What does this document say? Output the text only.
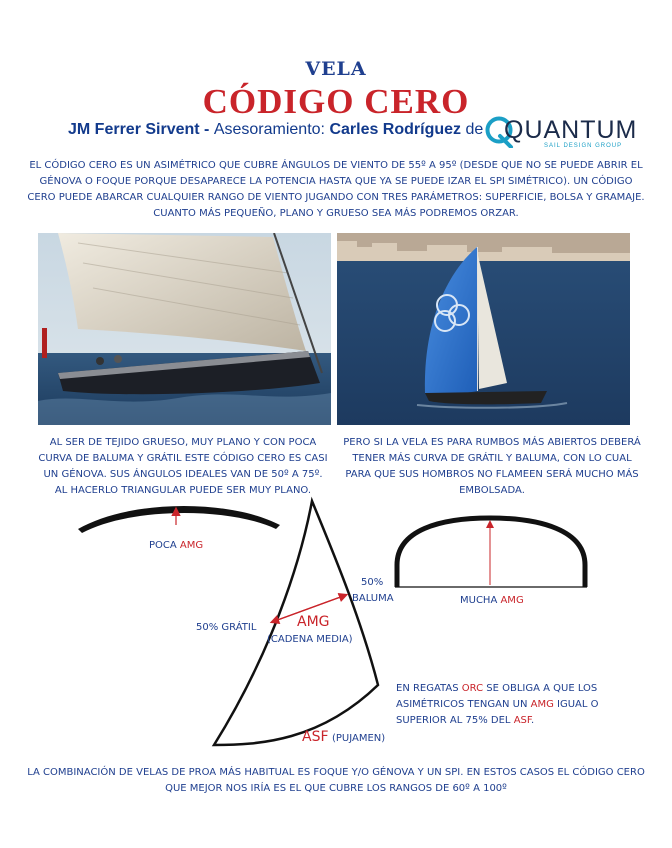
VELA
CÓDIGO CERO
JM Ferrer Sirvent - Asesoramiento: Carles Rodríguez de QUANTUM
SAIL DESIGN GROUP
EL CÓDIGO CERO ES UN ASIMÉTRICO QUE CUBRE ÁNGULOS DE VIENTO DE 55º A 95º (DESDE QUE NO SE PUEDE ABRIR EL GÉNOVA O FOQUE PORQUE DESAPARECE LA POTENCIA HASTA QUE YA SE PUEDE IZAR EL SPI SIMÉTRICO). UN CÓDIGO CERO PUEDE ABARCAR CUALQUIER RANGO DE VIENTO JUGANDO CON TRES PARÁMETROS: SUPERFICIE, BOLSA Y GRAMAJE. CUANTO MÁS PEQUEÑO, PLANO Y GRUESO SEA MÁS PODREMOS ORZAR.
AL SER DE TEJIDO GRUESO, MUY PLANO Y CON POCA CURVA DE BALUMA Y GRÁTIL ESTE CÓDIGO CERO ES CASI UN GÉNOVA. SUS ÁNGULOS IDEALES VAN DE 50º A 75º. AL HACERLO TRIANGULAR PUEDE SER MUY PLANO.
PERO SI LA VELA ES PARA RUMBOS MÁS ABIERTOS DEBERÁ TENER MÁS CURVA DE GRÁTIL Y BALUMA, CON LO CUAL PARA QUE SUS HOMBROS NO FLAMEEN SERÁ MUCHO MÁS EMBOLSADA.
POCA AMG
MUCHA AMG
AMG
(CADENA MEDIA)
50% GRÁTIL
50%
BALUMA
ASF (PUJAMEN)
EN REGATAS ORC SE OBLIGA A QUE LOS ASIMÉTRICOS TENGAN UN AMG IGUAL O SUPERIOR AL 75% DEL ASF.
LA COMBINACIÓN DE VELAS DE PROA MÁS HABITUAL ES FOQUE Y/O GÉNOVA Y UN SPI. EN ESTOS CASOS EL CÓDIGO CERO QUE MEJOR NOS IRÍA ES EL QUE CUBRE LOS RANGOS DE 60º A 100º
